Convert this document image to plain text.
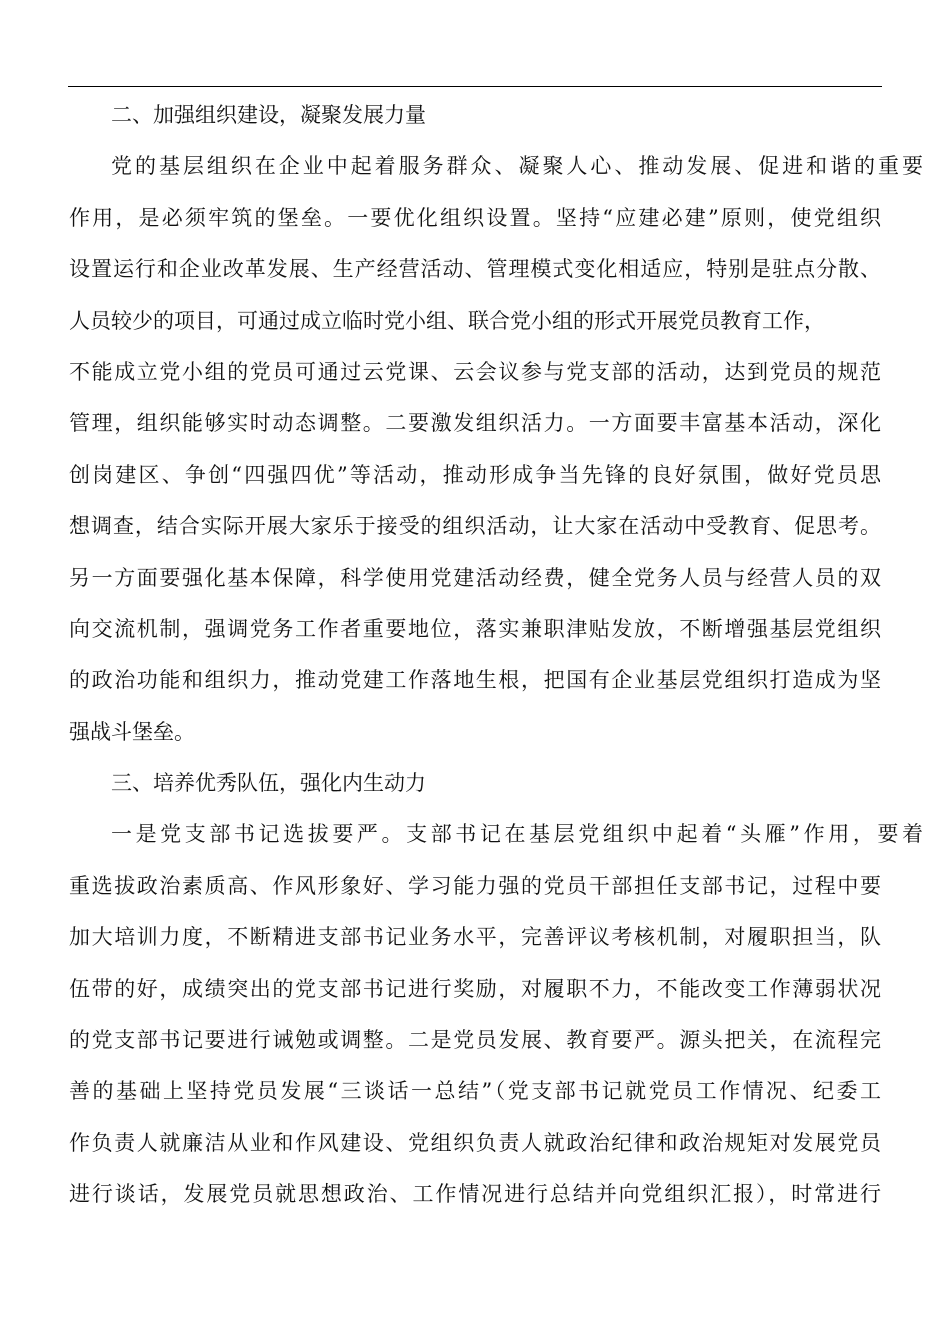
二、加强组织建设，凝聚发展力量
党的基层组织在企业中起着服务群众、凝聚人心、推动发展、促进和谐的重要
作用，是必须牢筑的堡垒。一要优化组织设置。坚持“应建必建”原则，使党组织
设置运行和企业改革发展、生产经营活动、管理模式变化相适应，特别是驻点分散、
人员较少的项目，可通过成立临时党小组、联合党小组的形式开展党员教育工作，
不能成立党小组的党员可通过云党课、云会议参与党支部的活动，达到党员的规范
管理，组织能够实时动态调整。二要激发组织活力。一方面要丰富基本活动，深化
创岗建区、争创“四强四优”等活动，推动形成争当先锋的良好氛围，做好党员思
想调查，结合实际开展大家乐于接受的组织活动，让大家在活动中受教育、促思考。
另一方面要强化基本保障，科学使用党建活动经费，健全党务人员与经营人员的双
向交流机制，强调党务工作者重要地位，落实兼职津贴发放，不断增强基层党组织
的政治功能和组织力，推动党建工作落地生根，把国有企业基层党组织打造成为坚
强战斗堡垒。
三、培养优秀队伍，强化内生动力
一是党支部书记选拔要严。支部书记在基层党组织中起着“头雁”作用，要着
重选拔政治素质高、作风形象好、学习能力强的党员干部担任支部书记，过程中要
加大培训力度，不断精进支部书记业务水平，完善评议考核机制，对履职担当，队
伍带的好，成绩突出的党支部书记进行奖励，对履职不力，不能改变工作薄弱状况
的党支部书记要进行诫勉或调整。二是党员发展、教育要严。源头把关，在流程完
善的基础上坚持党员发展“三谈话一总结”（党支部书记就党员工作情况、纪委工
作负责人就廉洁从业和作风建设、党组织负责人就政治纪律和政治规矩对发展党员
进行谈话，发展党员就思想政治、工作情况进行总结并向党组织汇报），时常进行
